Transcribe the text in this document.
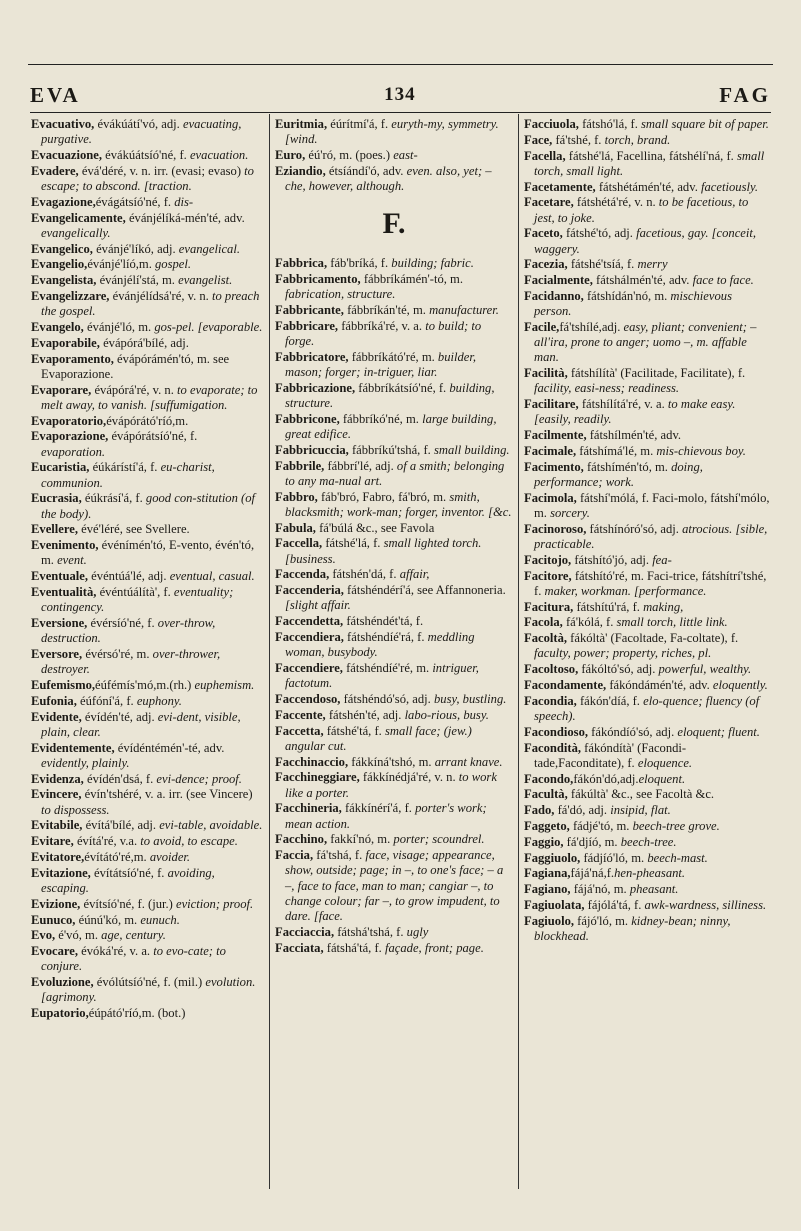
EVA	134	FAG

Evacuativo, évákúátí'vó, adj. evacuating, purgative.

Evacuazione, évákúátsíó'né, f. evacuation.

Evadere, évá'déré, v. n. irr. (evasi; evaso) to escape; to abscond. [traction.

Evagazione,évágátsíó'né, f. dis-

Evangelicamente, évánjélíká-mén'té, adv. evangelically.

Evangelico, évánjé'líkó, adj. evangelical.

Evangelio,évánjé'líó,m. gospel.

Evangelista, évánjélí'stá, m. evangelist.

Evangelizzare, évánjélídsá'ré, v. n. to preach the gospel.

Evangelo, évánjé'ló, m. gos-pel. [evaporable.

Evaporabile, évápórá'bílé, adj.

Evaporamento, évápórámén'tó, m. see Evaporazione.

Evaporare, évápórá'ré, v. n. to evaporate; to melt away, to vanish. [suffumigation.

Evaporatorio,évápórátó'ríó,m.

Evaporazione, évápórátsíó'né, f. evaporation.

Eucaristia, éúkárístí'á, f. eu-charist, communion.

Eucrasia, éúkrásí'á, f. good con-stitution (of the body).

Evellere, évé'léré, see Svellere.

Evenimento, événímén'tó, E-vento, évén'tó, m. event.

Eventuale, événtúá'lé, adj. eventual, casual.

Eventualità, événtúálítà', f. eventuality; contingency.

Eversione, évérsíó'né, f. over-throw, destruction.

Eversore, évérsó'ré, m. over-thrower, destroyer.

Eufemismo,éúfémís'mó,m.(rh.) euphemism.

Eufonia, éúfóní'á, f. euphony.

Evidente, évídén'té, adj. evi-dent, visible, plain, clear.

Evidentemente, évídéntémén'-té, adv. evidently, plainly.

Evidenza, évídén'dsá, f. evi-dence; proof.

Evincere, évín'tshéré, v. a. irr. (see Vincere) to dispossess.

Evitabile, évítá'bílé, adj. evi-table, avoidable.

Evitare, évítá'ré, v.a. to avoid, to escape.

Evitatore,évítátó'ré,m. avoider.

Evitazione, évítátsíó'né, f. avoiding, escaping.

Evizione, évítsíó'né, f. (jur.) eviction; proof.

Eunuco, éúnú'kó, m. eunuch.

Evo, é'vó, m. age, century.

Evocare, évóká'ré, v. a. to evo-cate; to conjure.

Evoluzione, évólútsíó'né, f. (mil.) evolution. [agrimony.

Eupatorio,éúpátó'ríó,m. (bot.)

Euritmia, éúrítmí'á, f. euryth-my, symmetry. [wind.

Euro, éú'ró, m. (poes.) east-

Eziandio, étsíándí'ó, adv. even. also, yet; – che, however, although.

F.

Fabbrica, fáb'bríká, f. building; fabric.

Fabbricamento, fábbríkámén'-tó, m. fabrication, structure.

Fabbricante, fábbríkán'té, m. manufacturer.

Fabbricare, fábbríká'ré, v. a. to build; to forge.

Fabbricatore, fábbríkátó'ré, m. builder, mason; forger; in-triguer, liar.

Fabbricazione, fábbríkátsíó'né, f. building, structure.

Fabbricone, fábbríkó'né, m. large building, great edifice.

Fabbricuccia, fábbríkú'tshá, f. small building.

Fabbrile, fábbrí'lé, adj. of a smith; belonging to any ma-nual art.

Fabbro, fáb'bró, Fabro, fá'bró, m. smith, blacksmith; work-man; forger, inventor. [&c.

Fabula, fá'búlá &c., see Favola

Faccella, fátshé'lá, f. small lighted torch. [business.

Faccenda, fátshén'dá, f. affair,

Faccenderia, fátshéndérí'á, see Affannoneria. [slight affair.

Faccendetta, fátshéndét'tá, f.

Faccendiera, fátshéndíé'rá, f. meddling woman, busybody.

Faccendiere, fátshéndíé'ré, m. intriguer, factotum.

Faccendoso, fátshéndó'só, adj. busy, bustling.

Faccente, fátshén'té, adj. labo-rious, busy.

Faccetta, fátshé'tá, f. small face; (jew.) angular cut.

Facchinaccio, fákkíná'tshó, m. arrant knave.

Facchineggiare, fákkínédjá'ré, v. n. to work like a porter.

Facchineria, fákkínérí'á, f. porter's work; mean action.

Facchino, fakkí'nó, m. porter; scoundrel.

Faccia, fá'tshá, f. face, visage; appearance, show, outside; page; in –, to one's face; – a –, face to face, man to man; cangiar –, to change colour; far –, to grow impudent, to dare. [face.

Facciaccia, fátshá'tshá, f. ugly

Facciata, fátshá'tá, f. façade, front; page.

Facciuola, fátshó'lá, f. small square bit of paper.

Face, fá'tshé, f. torch, brand.

Facella, fátshé'lá, Facellina, fátshélí'ná, f. small torch, small light.

Facetamente, fátshétámén'té, adv. facetiously.

Facetare, fátshétá'ré, v. n. to be facetious, to jest, to joke.

Faceto, fátshé'tó, adj. facetious, gay. [conceit, waggery.

Facezia, fátshé'tsíá, f. merry

Facialmente, fátshálmén'té, adv. face to face.

Facidanno, fátshídán'nó, m. mischievous person.

Facile,fá'tshílé,adj. easy, pliant; convenient; – all'ira, prone to anger; uomo –, m. affable man.

Facilità, fátshílítà' (Facilitade, Facilitate), f. facility, easi-ness; readiness.

Facilitare, fátshílítá'ré, v. a. to make easy. [easily, readily.

Facilmente, fátshílmén'té, adv.

Facimale, fátshímá'lé, m. mis-chievous boy.

Facimento, fátshímén'tó, m. doing, performance; work.

Facimola, fátshí'mólá, f. Faci-molo, fátshí'mólo, m. sorcery.

Facinoroso, fátshínóró'só, adj. atrocious. [sible, practicable.

Facitojo, fátshító'jó, adj. fea-

Facitore, fátshító'ré, m. Faci-trice, fátshítrí'tshé, f. maker, workman. [performance.

Facitura, fátshítú'rá, f. making,

Facola, fá'kólá, f. small torch, little link.

Facoltà, fákóltà' (Facoltade, Fa-coltate), f. faculty, power; property, riches, pl.

Facoltoso, fákóltó'só, adj. powerful, wealthy.

Facondamente, fákóndámén'té, adv. eloquently.

Facondia, fákón'díá, f. elo-quence; fluency (of speech).

Facondioso, fákóndíó'só, adj. eloquent; fluent.

Facondità, fákóndítà' (Facondi-tade,Faconditate), f. eloquence.

Facondo,fákón'dó,adj.eloquent.

Facultà, fákúltà' &c., see Facoltà &c.

Fado, fá'dó, adj. insipid, flat.

Faggeto, fádjé'tó, m. beech-tree grove.

Faggio, fá'djíó, m. beech-tree.

Faggiuolo, fádjíó'ló, m. beech-mast.

Fagiana,fájá'ná,f.hen-pheasant.

Fagiano, fájá'nó, m. pheasant.

Fagiuolata, fájólá'tá, f. awk-wardness, silliness.

Fagiuolo, fájó'ló, m. kidney-bean; ninny, blockhead.
